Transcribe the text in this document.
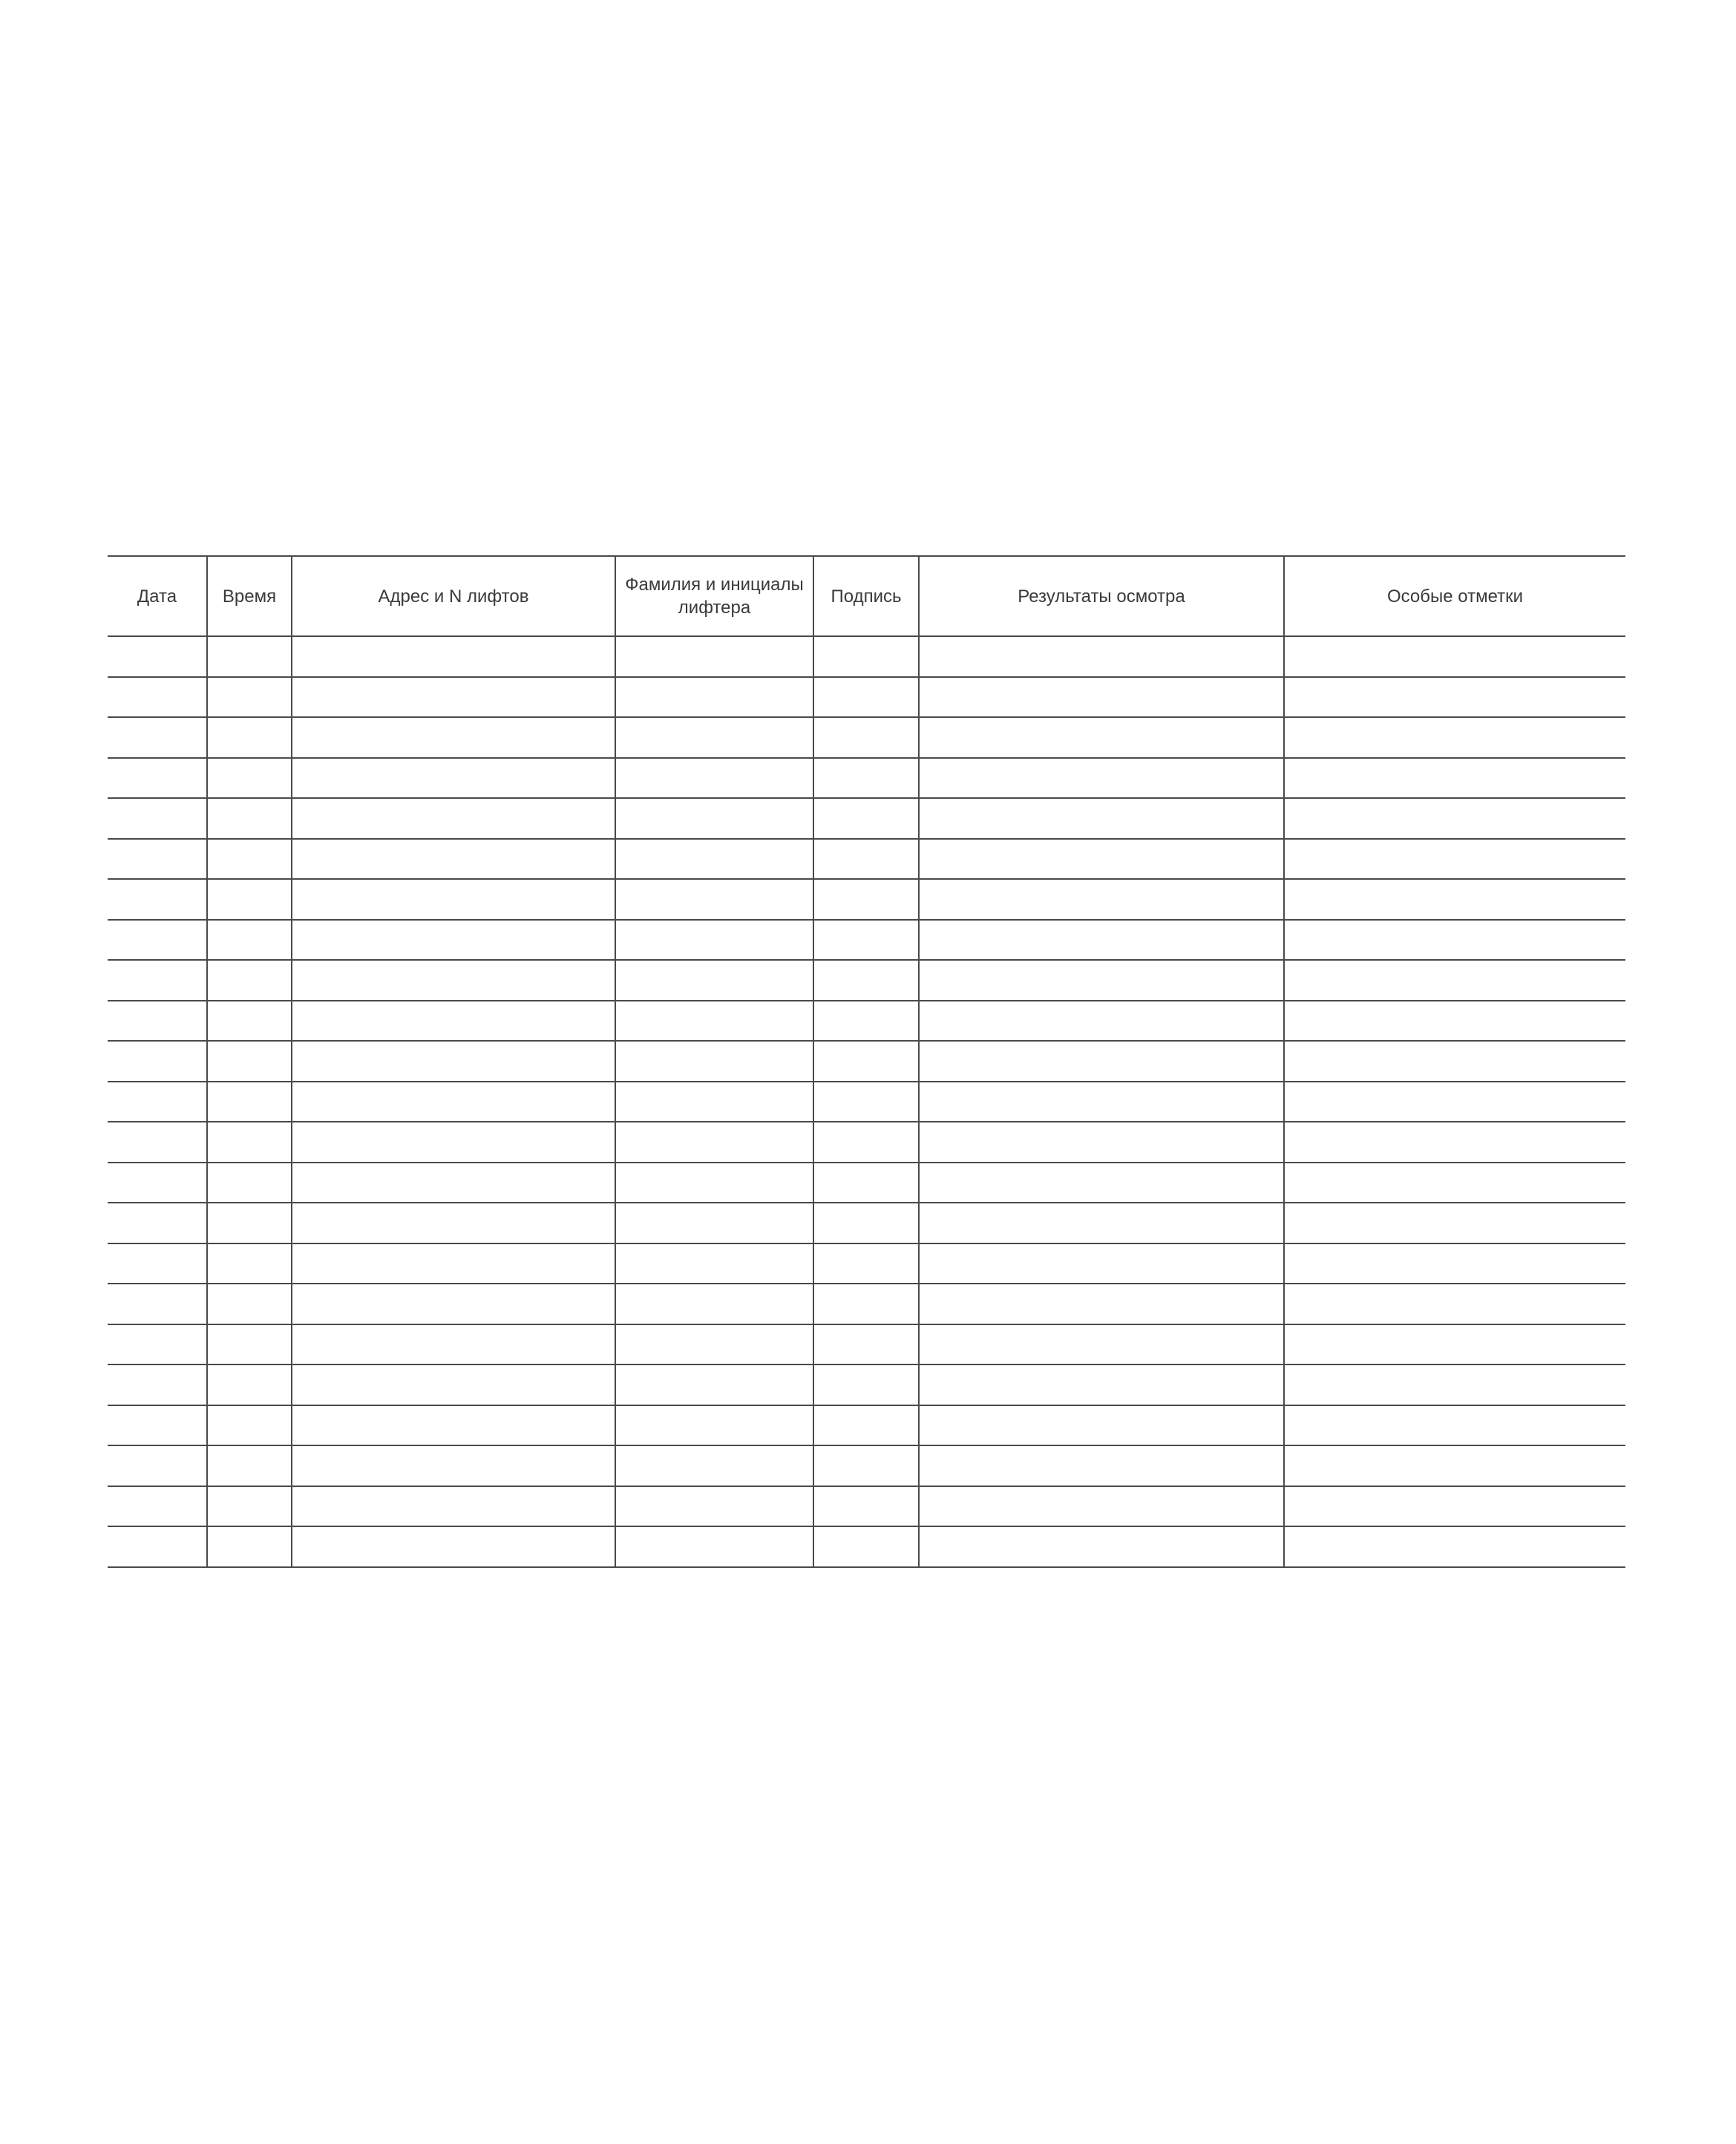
Дата	Время	Адрес и N лифтов	Фамилия и инициалы лифтера	Подпись	Результаты осмотра	Особые отметки
